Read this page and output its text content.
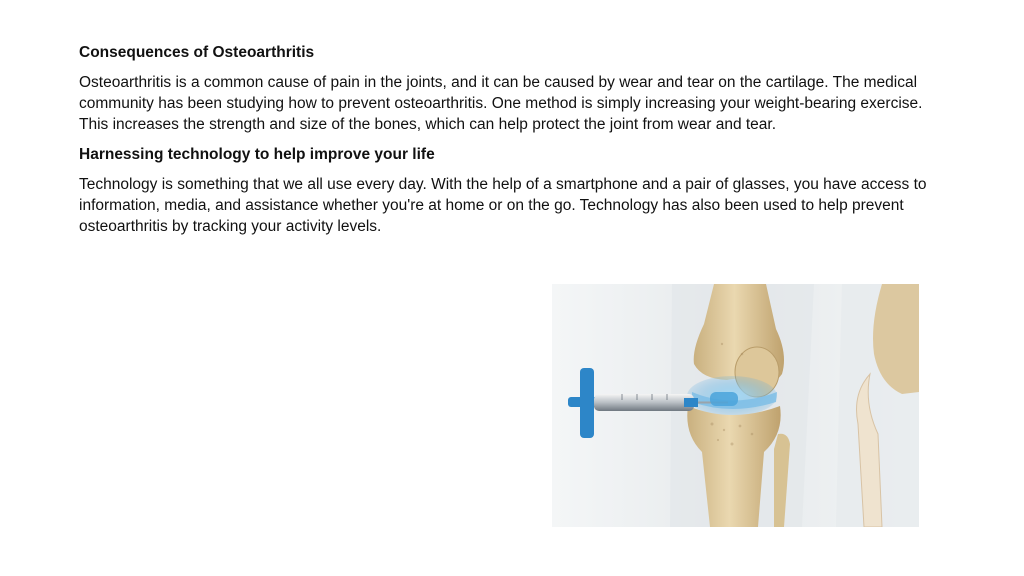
Consequences of Osteoarthritis

Osteoarthritis is a common cause of pain in the joints, and it can be caused by wear and tear on the cartilage. The medical community has been studying how to prevent osteoarthritis. One method is simply increasing your weight-bearing exercise. This increases the strength and size of the bones, which can help protect the joint from wear and tear.

Harnessing technology to help improve your life

Technology is something that we all use every day. With the help of a smartphone and a pair of glasses, you have access to information, media, and assistance whether you're at home or on the go. Technology has also been used to help prevent osteoarthritis by tracking your activity levels.
